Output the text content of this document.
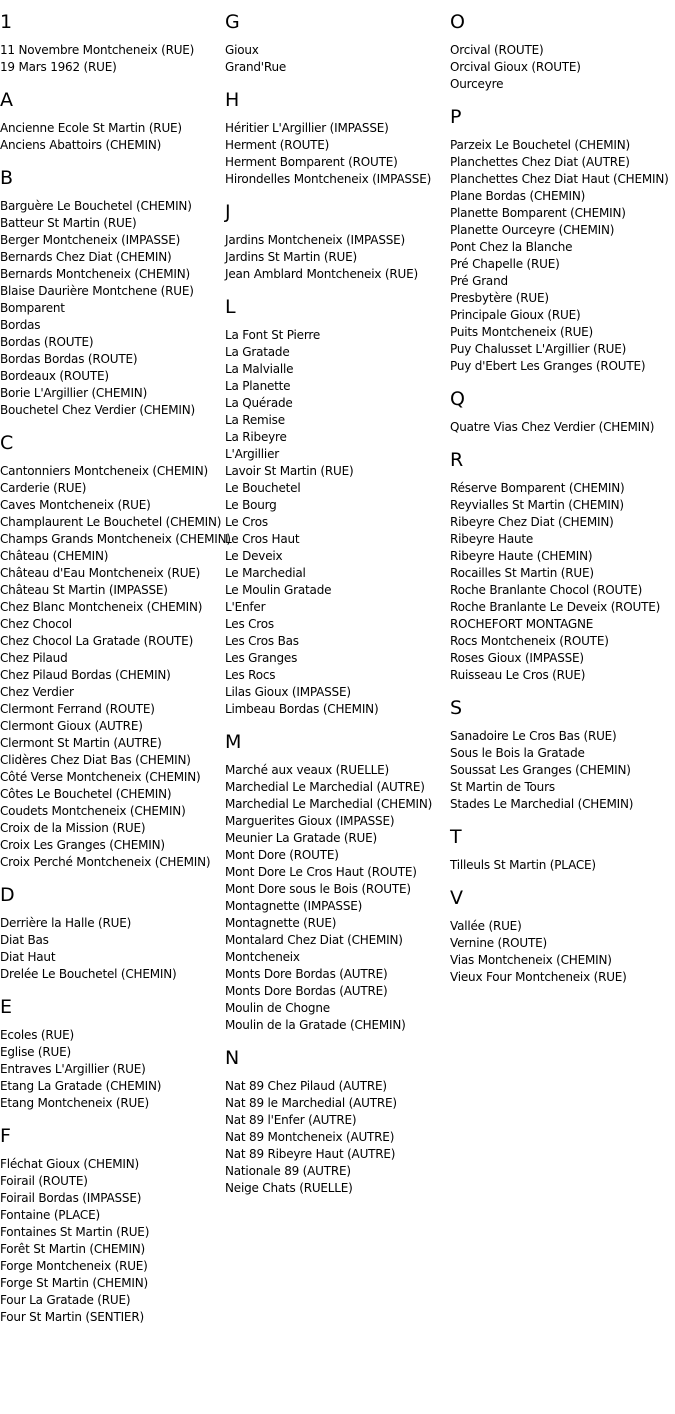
1
11 Novembre Montcheneix (RUE)
19 Mars 1962 (RUE)
A
Ancienne Ecole St Martin (RUE)
Anciens Abattoirs (CHEMIN)
B
Barguère Le Bouchetel (CHEMIN)
Batteur St Martin (RUE)
Berger Montcheneix (IMPASSE)
Bernards Chez Diat (CHEMIN)
Bernards Montcheneix (CHEMIN)
Blaise Daurière Montchene (RUE)
Bomparent
Bordas
Bordas (ROUTE)
Bordas Bordas (ROUTE)
Bordeaux (ROUTE)
Borie L'Argillier (CHEMIN)
Bouchetel Chez Verdier (CHEMIN)
C
Cantonniers Montcheneix (CHEMIN)
Carderie (RUE)
Caves Montcheneix (RUE)
Champlaurent Le Bouchetel (CHEMIN)
Champs Grands Montcheneix (CHEMIN)
Château (CHEMIN)
Château d'Eau Montcheneix (RUE)
Château St Martin (IMPASSE)
Chez Blanc Montcheneix (CHEMIN)
Chez Chocol
Chez Chocol La Gratade (ROUTE)
Chez Pilaud
Chez Pilaud Bordas (CHEMIN)
Chez Verdier
Clermont Ferrand (ROUTE)
Clermont Gioux (AUTRE)
Clermont St Martin (AUTRE)
Clidères Chez Diat Bas (CHEMIN)
Côté Verse Montcheneix (CHEMIN)
Côtes Le Bouchetel (CHEMIN)
Coudets Montcheneix (CHEMIN)
Croix de la Mission (RUE)
Croix Les Granges (CHEMIN)
Croix Perché Montcheneix (CHEMIN)
D
Derrière la Halle (RUE)
Diat Bas
Diat Haut
Drelée Le Bouchetel (CHEMIN)
E
Ecoles (RUE)
Eglise (RUE)
Entraves L'Argillier (RUE)
Etang La Gratade (CHEMIN)
Etang Montcheneix (RUE)
F
Fléchat Gioux (CHEMIN)
Foirail (ROUTE)
Foirail Bordas (IMPASSE)
Fontaine (PLACE)
Fontaines St Martin (RUE)
Forêt St Martin (CHEMIN)
Forge Montcheneix (RUE)
Forge St Martin (CHEMIN)
Four La Gratade (RUE)
Four St Martin (SENTIER)
G
Gioux
Grand'Rue
H
Héritier L'Argillier (IMPASSE)
Herment (ROUTE)
Herment Bomparent (ROUTE)
Hirondelles Montcheneix (IMPASSE)
J
Jardins Montcheneix (IMPASSE)
Jardins St Martin (RUE)
Jean Amblard Montcheneix (RUE)
L
La Font St Pierre
La Gratade
La Malvialle
La Planette
La Quérade
La Remise
La Ribeyre
L'Argillier
Lavoir St Martin (RUE)
Le Bouchetel
Le Bourg
Le Cros
Le Cros Haut
Le Deveix
Le Marchedial
Le Moulin Gratade
L'Enfer
Les Cros
Les Cros Bas
Les Granges
Les Rocs
Lilas Gioux (IMPASSE)
Limbeau Bordas (CHEMIN)
M
Marché aux veaux (RUELLE)
Marchedial Le Marchedial (AUTRE)
Marchedial Le Marchedial (CHEMIN)
Marguerites Gioux (IMPASSE)
Meunier La Gratade (RUE)
Mont Dore (ROUTE)
Mont Dore Le Cros Haut (ROUTE)
Mont Dore sous le Bois (ROUTE)
Montagnette (IMPASSE)
Montagnette (RUE)
Montalard Chez Diat (CHEMIN)
Montcheneix
Monts Dore Bordas (AUTRE)
Monts Dore Bordas (AUTRE)
Moulin de Chogne
Moulin de la Gratade (CHEMIN)
N
Nat 89 Chez Pilaud (AUTRE)
Nat 89 le Marchedial (AUTRE)
Nat 89 l'Enfer (AUTRE)
Nat 89 Montcheneix (AUTRE)
Nat 89 Ribeyre Haut (AUTRE)
Nationale 89 (AUTRE)
Neige Chats (RUELLE)
O
Orcival (ROUTE)
Orcival Gioux (ROUTE)
Ourceyre
P
Parzeix Le Bouchetel (CHEMIN)
Planchettes Chez Diat (AUTRE)
Planchettes Chez Diat Haut (CHEMIN)
Plane Bordas (CHEMIN)
Planette Bomparent (CHEMIN)
Planette Ourceyre (CHEMIN)
Pont Chez la Blanche
Pré Chapelle (RUE)
Pré Grand
Presbytère (RUE)
Principale Gioux (RUE)
Puits Montcheneix (RUE)
Puy Chalusset L'Argillier (RUE)
Puy d'Ebert Les Granges (ROUTE)
Q
Quatre Vias Chez Verdier (CHEMIN)
R
Réserve Bomparent (CHEMIN)
Reyvialles St Martin (CHEMIN)
Ribeyre Chez Diat (CHEMIN)
Ribeyre Haute
Ribeyre Haute (CHEMIN)
Rocailles St Martin (RUE)
Roche Branlante Chocol (ROUTE)
Roche Branlante Le Deveix (ROUTE)
ROCHEFORT MONTAGNE
Rocs Montcheneix (ROUTE)
Roses Gioux (IMPASSE)
Ruisseau Le Cros (RUE)
S
Sanadoire Le Cros Bas (RUE)
Sous le Bois la Gratade
Soussat Les Granges (CHEMIN)
St Martin de Tours
Stades Le Marchedial (CHEMIN)
T
Tilleuls St Martin (PLACE)
V
Vallée (RUE)
Vernine (ROUTE)
Vias Montcheneix (CHEMIN)
Vieux Four Montcheneix (RUE)
